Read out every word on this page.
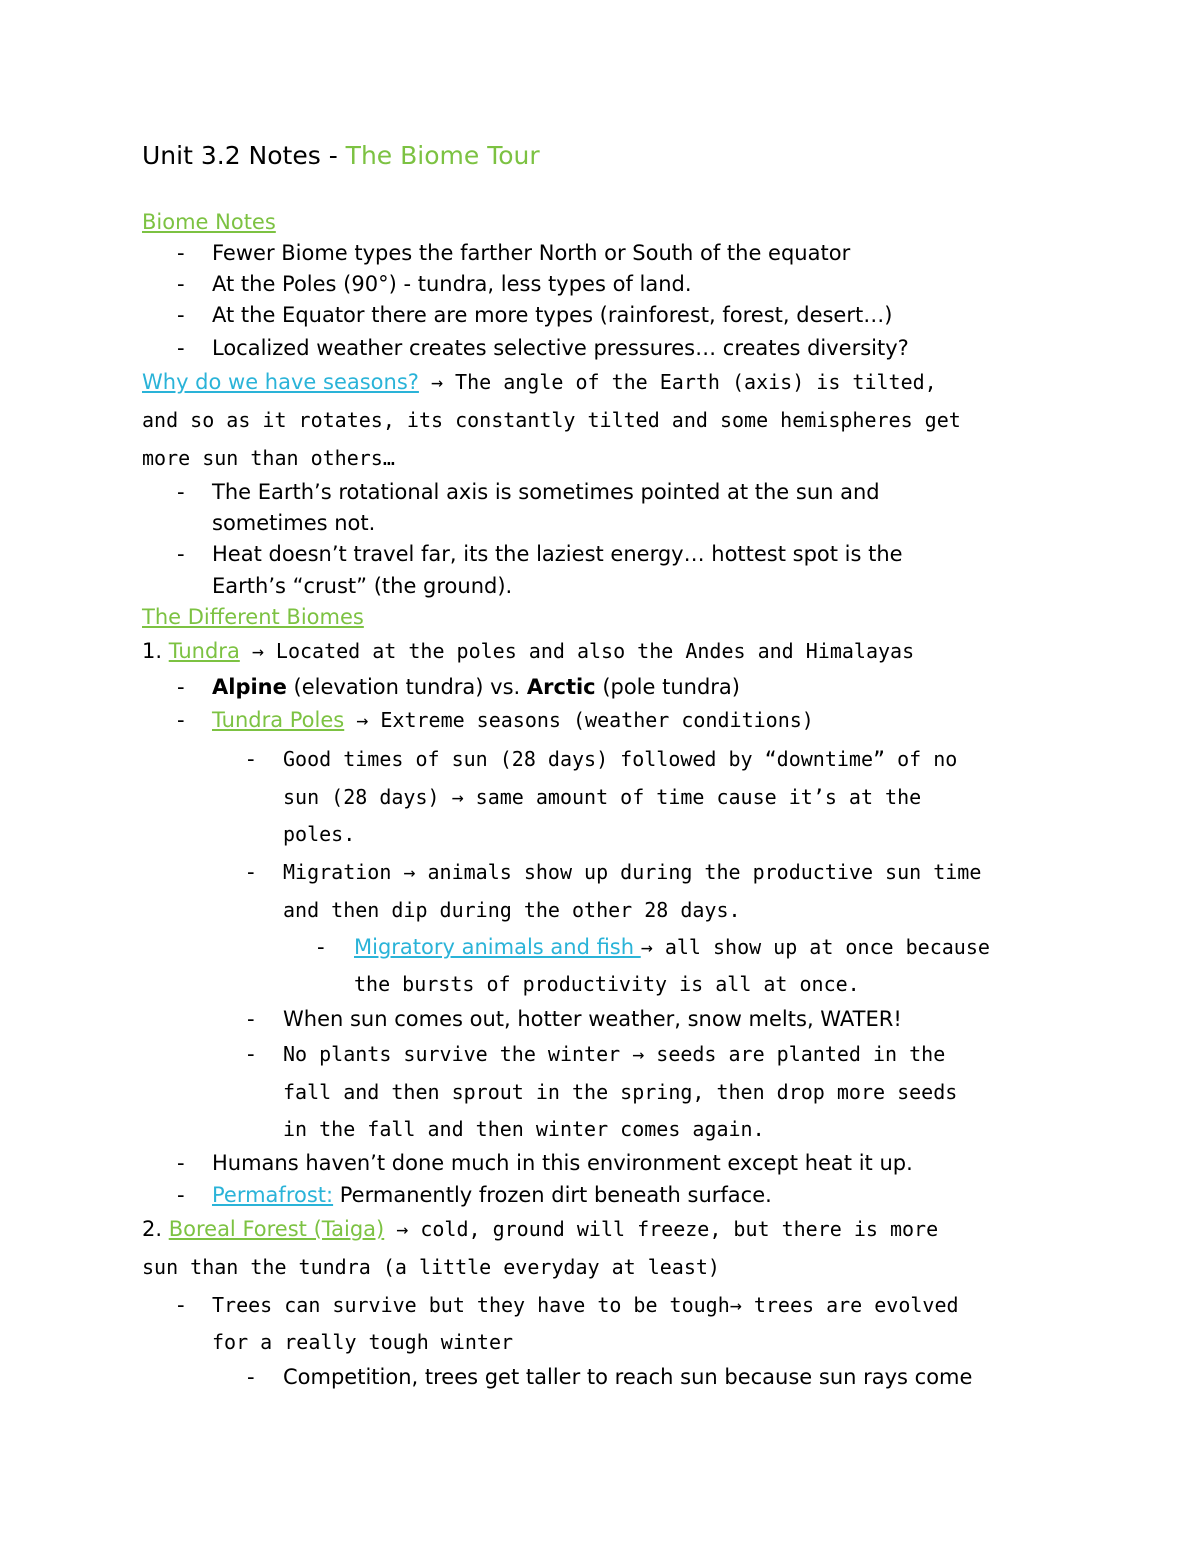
Unit 3.2 Notes - The Biome Tour
Biome Notes
- Fewer Biome types the farther North or South of the equator
- At the Poles (90°) - tundra, less types of land.
- At the Equator there are more types (rainforest, forest, desert…)
- Localized weather creates selective pressures… creates diversity?
Why do we have seasons? → The angle of the Earth (axis) is tilted,
and so as it rotates, its constantly tilted and some hemispheres get
more sun than others…
- The Earth’s rotational axis is sometimes pointed at the sun and
sometimes not.
- Heat doesn’t travel far, its the laziest energy… hottest spot is the
Earth’s “crust” (the ground).
The Different Biomes
1. Tundra → Located at the poles and also the Andes and Himalayas
- Alpine (elevation tundra) vs. Arctic (pole tundra)
- Tundra Poles → Extreme seasons (weather conditions)
- Good times of sun (28 days) followed by “downtime” of no
sun (28 days) → same amount of time cause it’s at the
poles.
- Migration → animals show up during the productive sun time
and then dip during the other 28 days.
- Migratory animals and fish → all show up at once because
the bursts of productivity is all at once.
- When sun comes out, hotter weather, snow melts, WATER!
- No plants survive the winter → seeds are planted in the
fall and then sprout in the spring, then drop more seeds
in the fall and then winter comes again.
- Humans haven’t done much in this environment except heat it up.
- Permafrost: Permanently frozen dirt beneath surface.
2. Boreal Forest (Taiga) → cold, ground will freeze, but there is more
sun than the tundra (a little everyday at least)
- Trees can survive but they have to be tough→ trees are evolved
for a really tough winter
- Competition, trees get taller to reach sun because sun rays come
